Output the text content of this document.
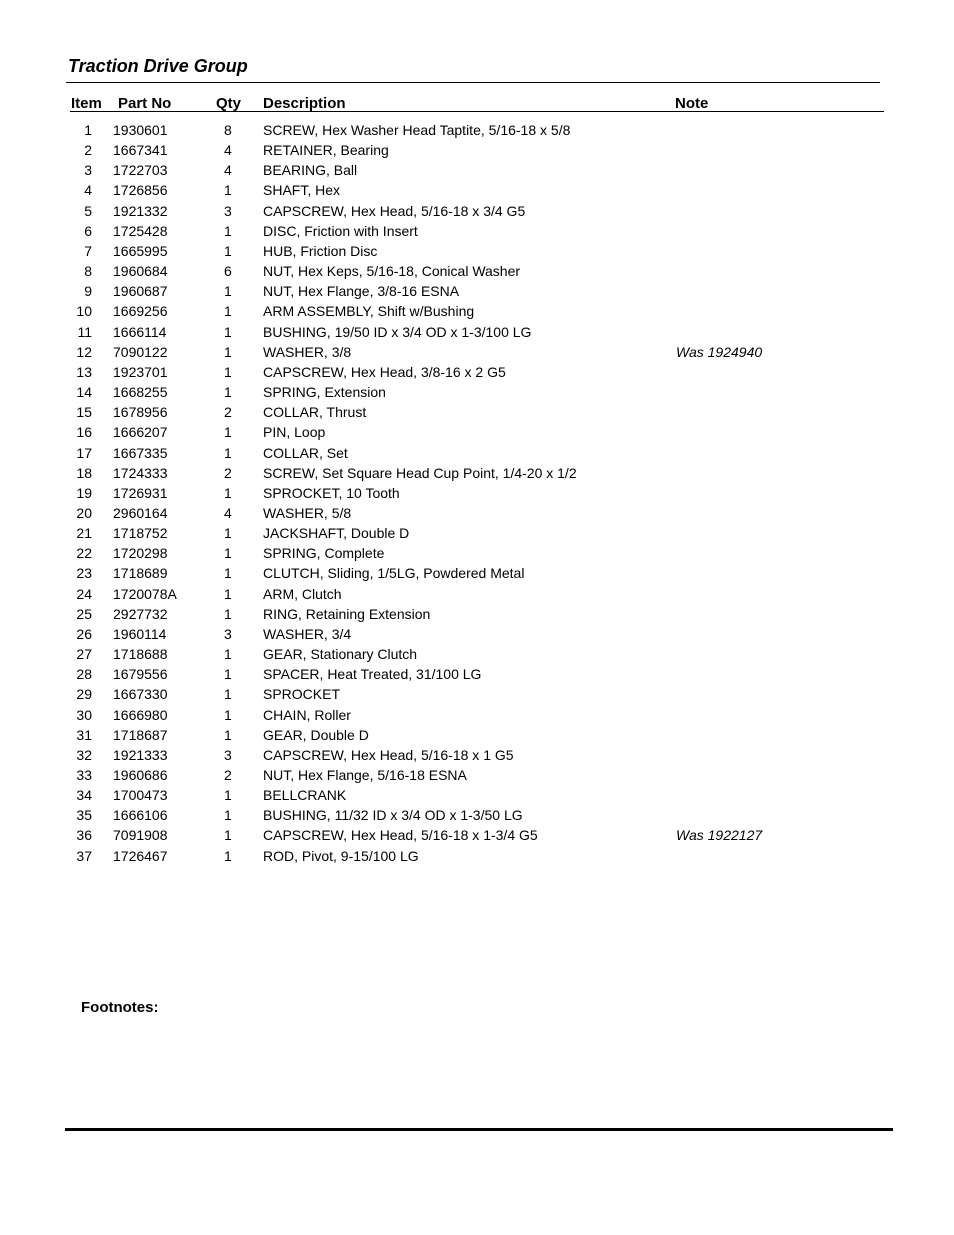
Traction Drive Group
Item Part No	Qty Description	Note
1 1930601	8 SCREW, Hex Washer Head Taptite, 5/16-18 x 5/8
2 1667341	4 RETAINER, Bearing
3 1722703	4 BEARING, Ball
4 1726856	1 SHAFT, Hex
5 1921332	3 CAPSCREW, Hex Head, 5/16-18 x 3/4 G5
6 1725428	1 DISC, Friction with Insert
7 1665995	1 HUB, Friction Disc
8 1960684	6 NUT, Hex Keps, 5/16-18, Conical Washer
9 1960687	1 NUT, Hex Flange, 3/8-16 ESNA
10 1669256	1 ARM ASSEMBLY, Shift w/Bushing
11 1666114	1 BUSHING, 19/50 ID x 3/4 OD x 1-3/100 LG
12 7090122	1 WASHER, 3/8	Was 1924940
13 1923701	1 CAPSCREW, Hex Head, 3/8-16 x 2 G5
14 1668255	1 SPRING, Extension
15 1678956	2 COLLAR, Thrust
16 1666207	1 PIN, Loop
17 1667335	1 COLLAR, Set
18 1724333	2 SCREW, Set Square Head Cup Point, 1/4-20 x 1/2
19 1726931	1 SPROCKET, 10 Tooth
20 2960164	4 WASHER, 5/8
21 1718752	1 JACKSHAFT, Double D
22 1720298	1 SPRING, Complete
23 1718689	1 CLUTCH, Sliding, 1/5LG, Powdered Metal
24 1720078A	1 ARM, Clutch
25 2927732	1 RING, Retaining Extension
26 1960114	3 WASHER, 3/4
27 1718688	1 GEAR, Stationary Clutch
28 1679556	1 SPACER, Heat Treated, 31/100 LG
29 1667330	1 SPROCKET
30 1666980	1 CHAIN, Roller
31 1718687	1 GEAR, Double D
32 1921333	3 CAPSCREW, Hex Head, 5/16-18 x 1 G5
33 1960686	2 NUT, Hex Flange, 5/16-18 ESNA
34 1700473	1 BELLCRANK
35 1666106	1 BUSHING, 11/32 ID x 3/4 OD x 1-3/50 LG
36 7091908	1 CAPSCREW, Hex Head, 5/16-18 x 1-3/4 G5	Was 1922127
37 1726467	1 ROD, Pivot, 9-15/100 LG
Footnotes:
